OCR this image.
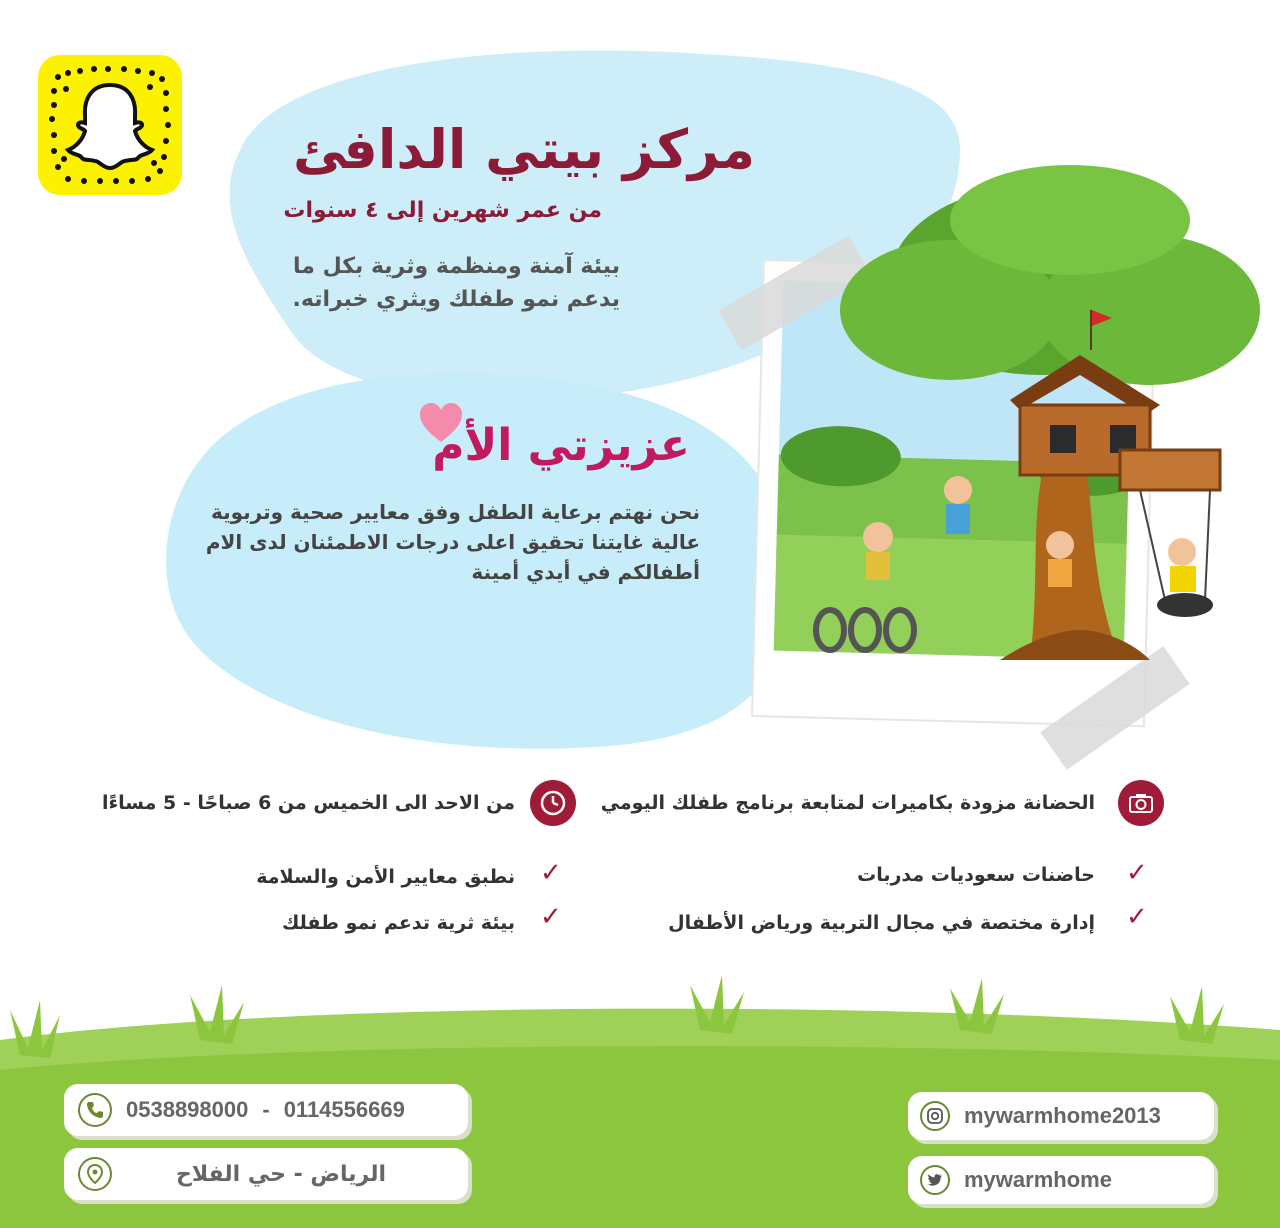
مركز بيتي الدافئ
من عمر شهرين إلى ٤ سنوات
بيئة آمنة ومنظمة وثرية بكل ما
يدعم نمو طفلك ويثري خبراته.
عزيزتي الأم
نحن نهتم برعاية الطفل وفق معايير صحية وتربوية
عالية غايتنا تحقيق اعلى درجات الاطمئنان لدى الام
أطفالكم في أيدي أمينة
الحضانة مزودة بكاميرات لمتابعة برنامج طفلك اليومي
من الاحد الى الخميس من 6 صباحًا - 5 مساءًا
✓
حاضنات سعوديات مدربات
✓
إدارة مختصة في مجال التربية ورياض الأطفال
✓
نطبق معايير الأمن والسلامة
✓
بيئة ثرية تدعم نمو طفلك
0538898000 - 0114556669
الرياض - حي الفلاح
mywarmhome2013
mywarmhome
